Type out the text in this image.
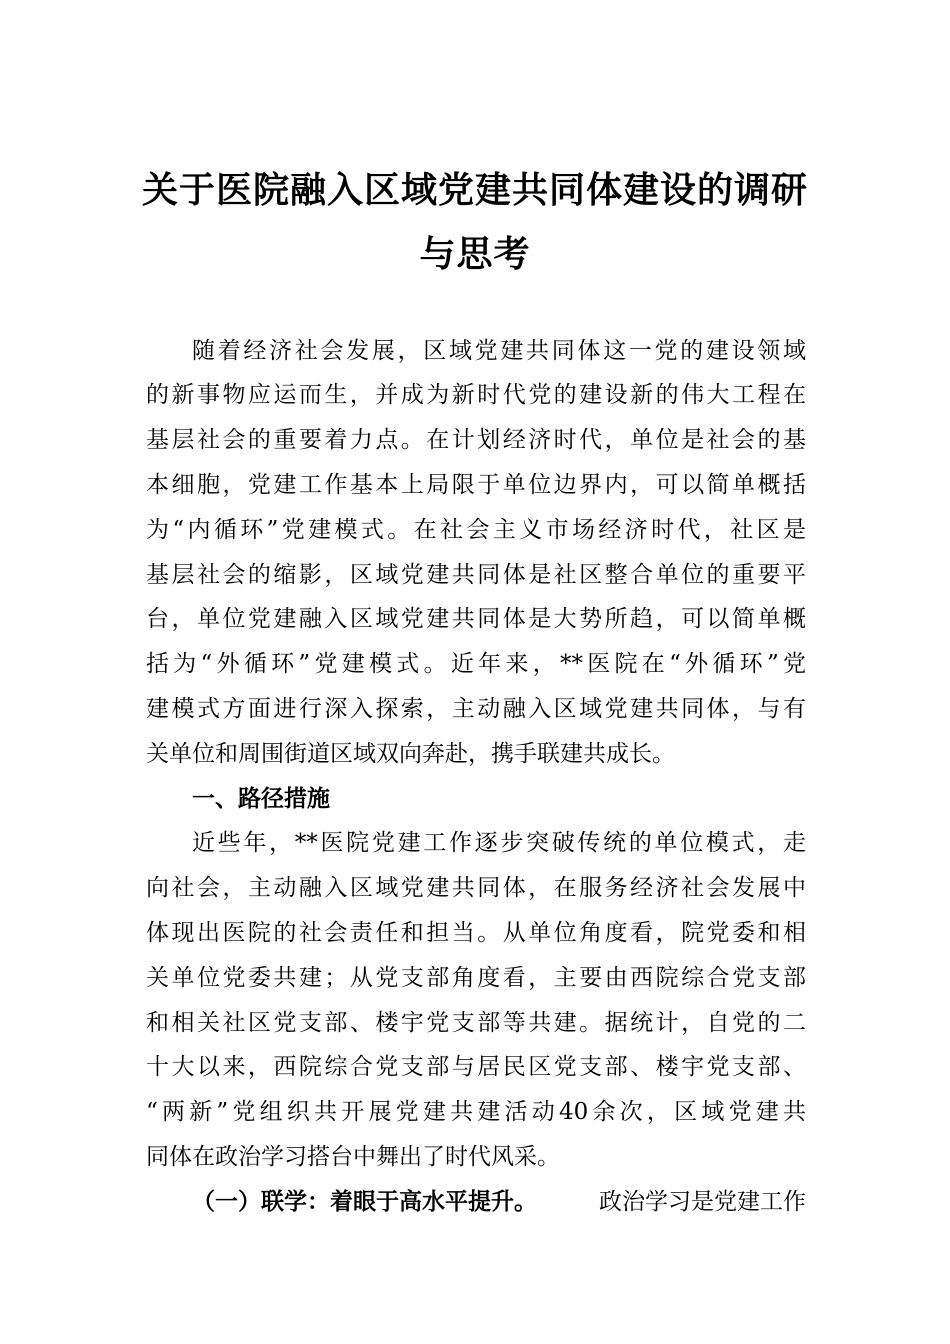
关于医院融入区域党建共同体建设的调研
与思考
随着经济社会发展，区域党建共同体这一党的建设领域
的新事物应运而生，并成为新时代党的建设新的伟大工程在
基层社会的重要着力点。在计划经济时代，单位是社会的基
本细胞，党建工作基本上局限于单位边界内，可以简单概括
为“内循环”党建模式。在社会主义市场经济时代，社区是
基层社会的缩影，区域党建共同体是社区整合单位的重要平
台，单位党建融入区域党建共同体是大势所趋，可以简单概
括为“外循环”党建模式。近年来，**医院在“外循环”党
建模式方面进行深入探索，主动融入区域党建共同体，与有
关单位和周围街道区域双向奔赴，携手联建共成长。
一、路径措施
近些年，**医院党建工作逐步突破传统的单位模式，走
向社会，主动融入区域党建共同体，在服务经济社会发展中
体现出医院的社会责任和担当。从单位角度看，院党委和相
关单位党委共建；从党支部角度看，主要由西院综合党支部
和相关社区党支部、楼宇党支部等共建。据统计，自党的二
十大以来，西院综合党支部与居民区党支部、楼宇党支部、
“两新”党组织共开展党建共建活动40余次，区域党建共
同体在政治学习搭台中舞出了时代风采。
（一）联学：着眼于高水平提升。	政治学习是党建工作
